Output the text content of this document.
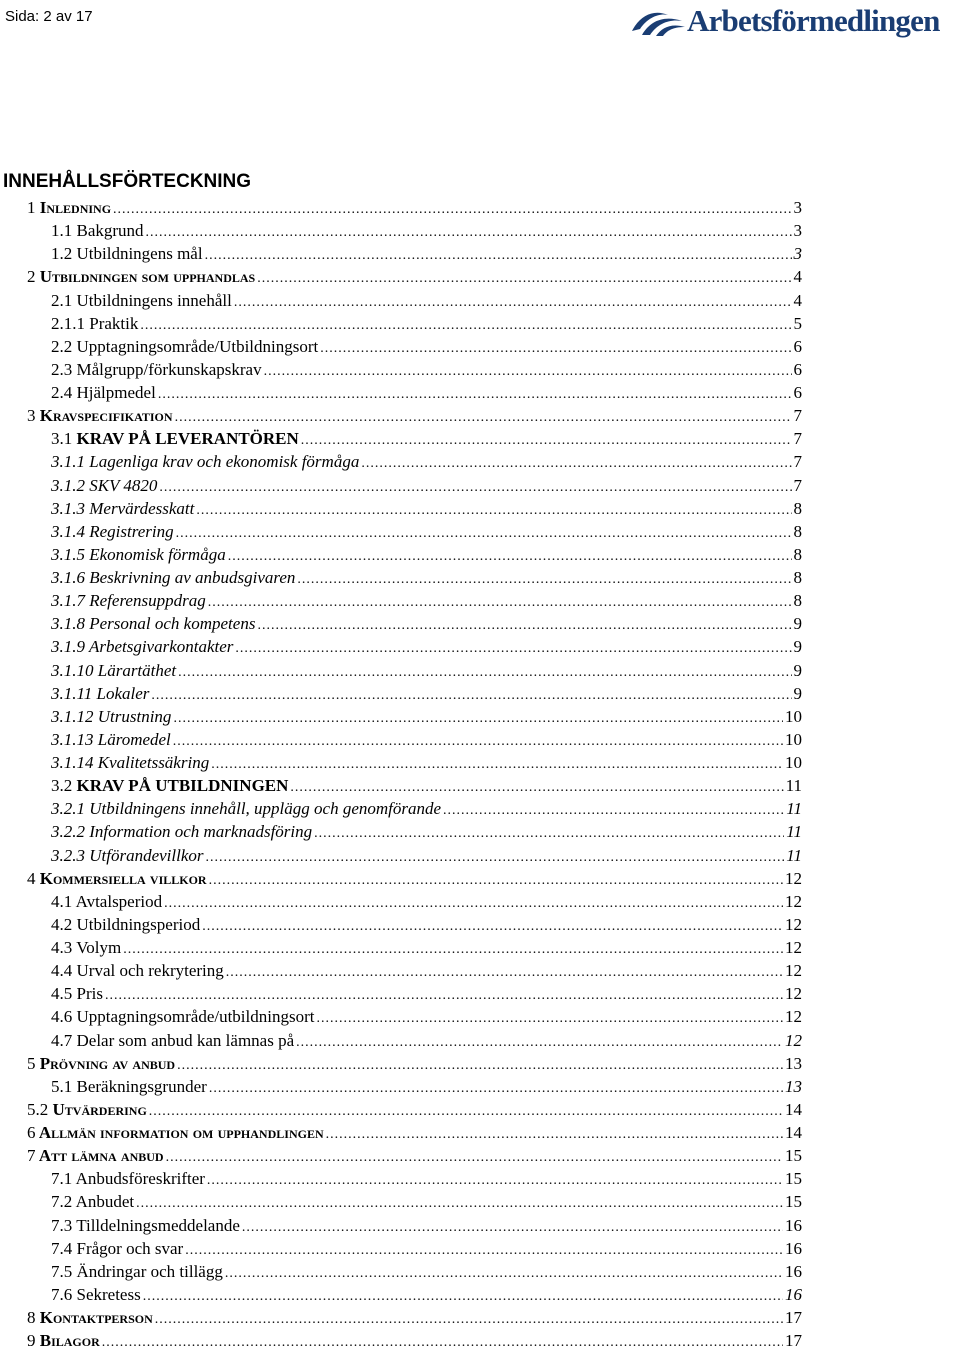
Sida: 2 av 17	Arbetsförmedlingen
INNEHÅLLSFÖRTECKNING
1 Inledning .....	3
1.1 Bakgrund .....	3
1.2 Utbildningens mål .....	3
2 Utbildningen som upphandlas .....	4
2.1 Utbildningens innehåll .....	4
2.1.1 Praktik .....	5
2.2 Upptagningsområde/Utbildningsort .....	6
2.3 Målgrupp/förkunskapskrav .....	6
2.4 Hjälpmedel .....	6
3 Kravspecifikation .....	7
3.1 KRAV PÅ LEVERANTÖREN .....	7
3.1.1 Lagenliga krav och ekonomisk förmåga .....	7
3.1.2 SKV 4820 .....	7
3.1.3 Mervärdesskatt .....	8
3.1.4 Registrering .....	8
3.1.5 Ekonomisk förmåga .....	8
3.1.6 Beskrivning av anbudsgivaren .....	8
3.1.7 Referensuppdrag .....	8
3.1.8 Personal och kompetens .....	9
3.1.9 Arbetsgivarkontakter .....	9
3.1.10 Lärartäthet .....	9
3.1.11 Lokaler .....	9
3.1.12 Utrustning .....	10
3.1.13 Läromedel .....	10
3.1.14 Kvalitetssäkring .....	10
3.2 KRAV PÅ UTBILDNINGEN .....	11
3.2.1 Utbildningens innehåll, upplägg och genomförande .....	11
3.2.2 Information och marknadsföring .....	11
3.2.3 Utförandevillkor .....	11
4 Kommersiella villkor .....	12
4.1 Avtalsperiod .....	12
4.2 Utbildningsperiod .....	12
4.3 Volym .....	12
4.4 Urval och rekrytering .....	12
4.5 Pris .....	12
4.6 Upptagningsområde/utbildningsort .....	12
4.7 Delar som anbud kan lämnas på .....	12
5 Prövning av anbud .....	13
5.1 Beräkningsgrunder .....	13
5.2 Utvärdering .....	14
6 Allmän information om upphandlingen .....	14
7 Att lämna anbud .....	15
7.1 Anbudsföreskrifter .....	15
7.2 Anbudet .....	15
7.3 Tilldelningsmeddelande .....	16
7.4 Frågor och svar .....	16
7.5 Ändringar och tillägg .....	16
7.6 Sekretess .....	16
8 Kontaktperson .....	17
9 Bilagor .....	17
